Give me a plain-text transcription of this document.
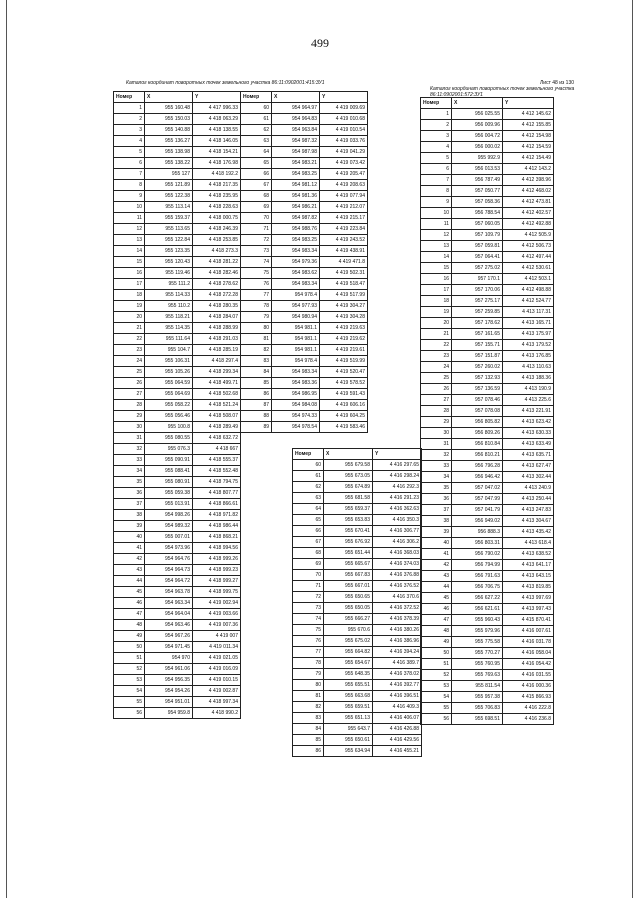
499
Каталог координат поворотных точек земельного участка 86:11:0902001:415:ЗУ1	Лист 48 из 130
Каталог координат поворотных точек земельного участка 86:11:0902001:572:ЗУ1
Номер	X	Y
1	955 160.48	4 417 996.33
2	955 150.03	4 418 063.29
3	955 140.88	4 418 138.55
4	955 136.27	4 418 146.05
5	955 138.98	4 418 154.21
6	955 138.22	4 418 176.98
7	955 127	4 418 192.2
8	955 121.89	4 418 217.35
9	955 122.38	4 418 235.95
10	955 113.14	4 418 228.63
11	955 159.37	4 418 000.75
12	955 113.65	4 418 246.39
13	955 122.84	4 418 253.85
14	955 123.35	4 418 273.3
15	955 120.43	4 418 281.22
16	955 119.46	4 418 282.46
17	955 111.2	4 418 278.62
18	955 114.33	4 418 272.28
19	955 110.2	4 418 280.35
20	955 118.21	4 418 284.07
21	955 114.35	4 418 288.99
22	955 111.64	4 418 291.03
23	955 104.7	4 418 285.19
24	955 106.31	4 418 297.4
25	955 105.26	4 418 299.34
26	955 064.59	4 418 499.71
27	955 064.69	4 418 502.68
28	955 058.22	4 418 521.24
29	955 056.46	4 418 508.07
30	955 100.8	4 418 289.49
31	955 080.55	4 418 632.72
32	955 076.3	4 418 667
33	955 090.91	4 418 555.37
34	955 088.41	4 418 552.48
35	955 080.91	4 418 794.75
36	955 059.38	4 418 807.77
37	955 013.91	4 418 866.61
38	954 998.26	4 418 971.82
39	954 989.32	4 418 986.44
40	955 007.01	4 418 868.21
41	954 973.96	4 418 994.56
42	954 964.76	4 418 999.26
43	954 964.73	4 418 999.23
44	954 964.72	4 418 999.27
45	954 963.78	4 418 999.75
46	954 963.34	4 419 002.94
47	954 964.04	4 419 003.66
48	954 963.46	4 419 007.36
49	954 967.26	4 419 007
50	954 971.45	4 419 011.34
51	954 970	4 419 021.05
52	954 961.06	4 419 016.09
53	954 956.35	4 419 010.15
54	954 954.26	4 419 002.87
55	954 951.01	4 418 997.34
56	954 959.8	4 418 990.2
Номер	X	Y
60	954 964.97	4 419 009.69
61	954 964.83	4 419 010.68
62	954 963.84	4 419 010.54
63	954 987.32	4 419 033.76
64	954 987.98	4 419 041.29
65	954 983.21	4 419 073.42
66	954 983.25	4 419 205.47
67	954 981.12	4 419 208.63
68	954 981.36	4 419 077.94
69	954 986.21	4 419 212.07
70	954 987.82	4 419 215.17
71	954 988.76	4 419 223.84
72	954 983.25	4 419 243.52
73	954 983.34	4 419 438.91
74	954 979.36	4 419 471.8
75	954 983.62	4 419 502.31
76	954 983.34	4 419 518.47
77	954 978.4	4 419 517.99
78	954 977.93	4 419 304.27
79	954 980.94	4 419 304.28
80	954 981.1	4 419 219.63
81	954 981.1	4 419 219.62
82	954 981.1	4 419 219.61
83	954 978.4	4 419 519.99
84	954 983.34	4 419 520.47
85	954 983.36	4 419 578.52
86	954 986.95	4 419 591.43
87	954 984.08	4 419 606.16
88	954 974.33	4 419 604.25
89	954 978.54	4 419 583.46
Номер	X	Y
60	955 679.58	4 416 297.65
61	955 673.05	4 416 298.24
62	955 674.89	4 416 292.3
63	955 681.58	4 416 291.23
64	955 659.37	4 416 362.63
65	955 653.83	4 416 350.3
66	955 670.41	4 416 306.77
67	955 676.92	4 416 306.2
68	955 651.44	4 416 368.03
69	955 665.67	4 416 374.03
70	955 667.83	4 416 376.88
71	955 667.01	4 416 376.52
72	955 650.65	4 416 370.6
73	955 650.05	4 416 372.52
74	955 666.27	4 416 378.39
75	955 670.6	4 416 380.26
76	955 675.02	4 416 386.96
77	955 664.82	4 416 394.24
78	955 654.67	4 416 389.7
79	955 648.35	4 416 378.02
80	955 655.51	4 416 392.77
81	955 663.68	4 416 396.51
82	955 659.51	4 416 409.3
83	955 651.13	4 416 406.07
84	955 643.7	4 416 426.88
85	955 650.61	4 416 429.56
86	955 634.94	4 416 455.21
Номер	X	Y
1	956 025.55	4 412 145.62
2	956 009.96	4 412 155.85
3	956 004.72	4 412 154.98
4	956 000.02	4 412 154.59
5	955 992.9	4 412 154.49
6	956 013.53	4 412 143.2
7	956 787.49	4 412 398.96
8	957 050.77	4 412 468.02
9	957 058.36	4 412 473.81
10	956 788.54	4 412 402.57
11	957 060.05	4 412 492.88
12	957 109.79	4 412 505.9
13	957 059.81	4 412 506.73
14	957 064.41	4 412 497.44
15	957 275.02	4 412 530.61
16	957 170.1	4 412 503.1
17	957 170.06	4 412 498.88
18	957 275.17	4 412 524.77
19	957 259.85	4 413 117.31
20	957 178.62	4 413 165.71
21	957 161.65	4 413 175.97
22	957 155.71	4 413 179.52
23	957 151.87	4 413 176.85
24	957 260.02	4 413 110.63
25	957 132.93	4 413 188.36
26	957 136.59	4 413 190.9
27	957 078.46	4 413 225.6
28	957 078.08	4 413 221.91
29	956 805.82	4 413 623.42
30	956 809.26	4 413 630.33
31	956 810.84	4 413 633.49
32	956 810.21	4 413 635.71
33	956 796.28	4 413 627.47
34	956 946.42	4 413 302.44
35	957 047.02	4 413 240.9
36	957 047.99	4 413 250.44
37	957 041.79	4 413 247.83
38	956 949.02	4 413 304.67
39	956 888.3	4 413 435.42
40	956 803.31	4 413 618.4
41	956 790.02	4 413 638.52
42	956 794.99	4 413 641.17
43	956 791.63	4 413 643.15
44	956 706.75	4 413 819.85
45	956 627.22	4 413 997.69
46	956 621.61	4 413 997.43
47	955 960.43	4 415 870.41
48	955 979.96	4 416 007.61
49	955 775.58	4 416 031.78
50	955 770.27	4 416 058.04
51	955 760.95	4 416 054.42
52	955 769.63	4 416 031.55
53	955 811.54	4 416 000.36
54	955 957.38	4 415 866.93
55	955 706.83	4 416 222.8
56	955 698.51	4 416 236.8
